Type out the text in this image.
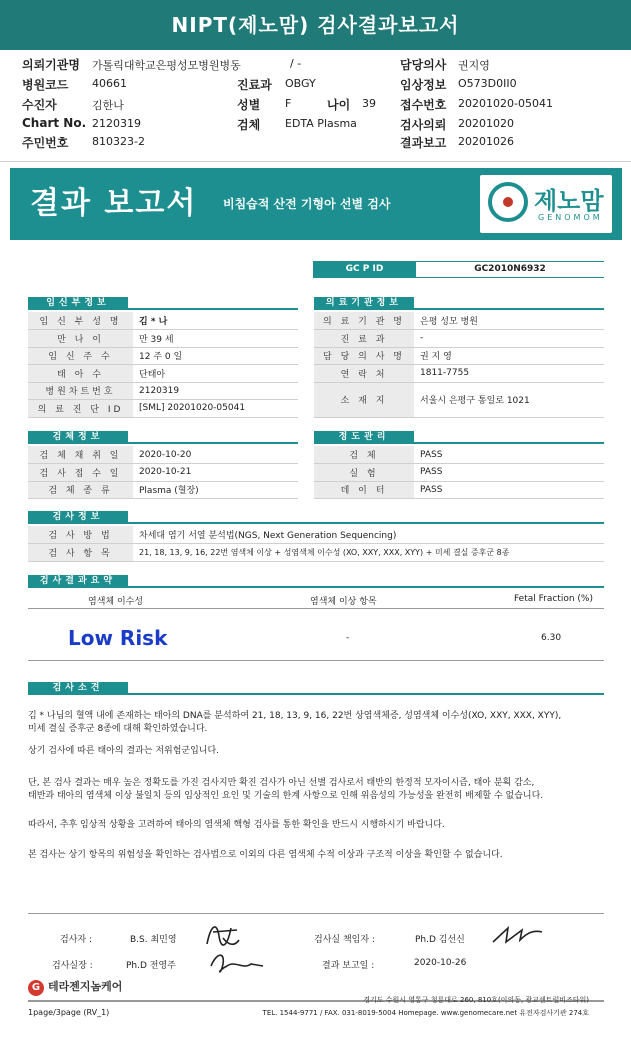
NIPT(제노맘) 검사결과보고서
의뢰기관명 가톨릭대학교은평성모병원병동	/ -	담당의사 권지영
병원코드 40661	진료과 OBGY	임상정보 O573D0II0
수진자	김한나	성별 F	나이 39 접수번호 20201020-05041
Chart No. 2120319	검체 EDTA Plasma	검사의뢰 20201020
주민번호 810323-2	결과보고 20201026
결과 보고서 비침습적 산전 기형아 선별 검사	제노맘
GENOMOM
GC P ID	GC2010N6932
임신부정보
임 신 부 성 명	김 * 나
만 나 이	만 39 세
임 신 주 수	12 주 0 일
태 아 수	단태아
병원차트번호	2120319
의 료 진 단 ID	[SML] 20201020-05041
의료기관정보
의 료 기 관 명	은평 성모 병원
진 료 과	-
담 당 의 사 명	권 지 영
연 락 처	1811-7755
소 재 지	서울시 은평구 통일로 1021
검체정보
검 체 채 취 일	2020-10-20
검 사 접 수 일	2020-10-21
검 체 종 류	Plasma (혈장)
정도관리
검 체	PASS
실 험	PASS
데 이 터	PASS
검사정보
검 사 방 법	차세대 염기 서열 분석법(NGS, Next Generation Sequencing)
검 사 항 목	21, 18, 13, 9, 16, 22번 염색체 이상 + 성염색체 이수성 (XO, XXY, XXX, XYY) + 미세 결실 증후군 8종
검사결과요약
염색체 이수성	염색체 이상 항목	Fetal Fraction (%)
Low Risk	-	6.30
검사소견
김 * 나님의 혈액 내에 존재하는 태아의 DNA를 분석하여 21, 18, 13, 9, 16, 22번 상염색체증, 성염색체 이수성(XO, XXY, XXX, XYY),
미세 결실 증후군 8종에 대해 확인하였습니다.
상기 검사에 따른 태아의 결과는 저위험군입니다.
단, 본 검사 결과는 매우 높은 정확도를 가진 검사지만 확진 검사가 아닌 선별 검사로서 태반의 한정적 모자이시즘, 태아 분획 감소,
태반과 태아의 염색체 이상 불일치 등의 임상적인 요인 및 기술의 한계 사항으로 인해 위음성의 가능성을 완전히 배제할 수 없습니다.
따라서, 추후 임상적 상황을 고려하여 태아의 염색체 핵형 검사를 통한 확인을 반드시 시행하시기 바랍니다.
본 검사는 상기 항목의 위험성을 확인하는 검사법으로 이외의 다른 염색체 수적 이상과 구조적 이상을 확인할 수 없습니다.
검사자 :	B.S. 최민영	검사실 책임자 :	Ph.D 김선신
검사실장 :	Ph.D 전영주	결과 보고일 :	2020-10-26
G 테라젠지놈케어
경기도 수원시 영통구 청룡대로 260, 810호(이의동, 광교센트럴비즈타워)
TEL. 1544-9771 / FAX. 031-8019-5004 Homepage. www.genomecare.net 유전자검사기관 274호
1page/3page (RV_1)
